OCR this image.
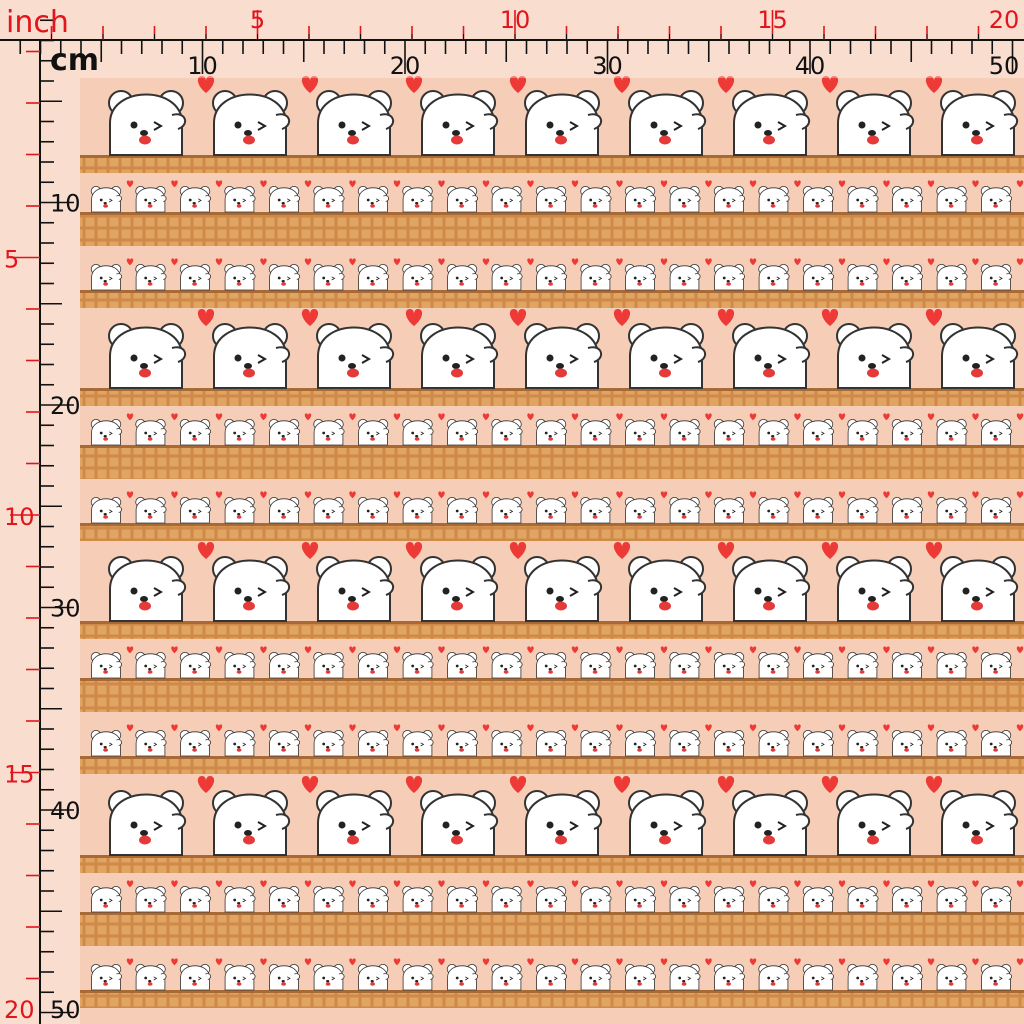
inch
cm
5	10	15	20
5
10
15
20
10	20	30	40	50
10
20
30
40
50
